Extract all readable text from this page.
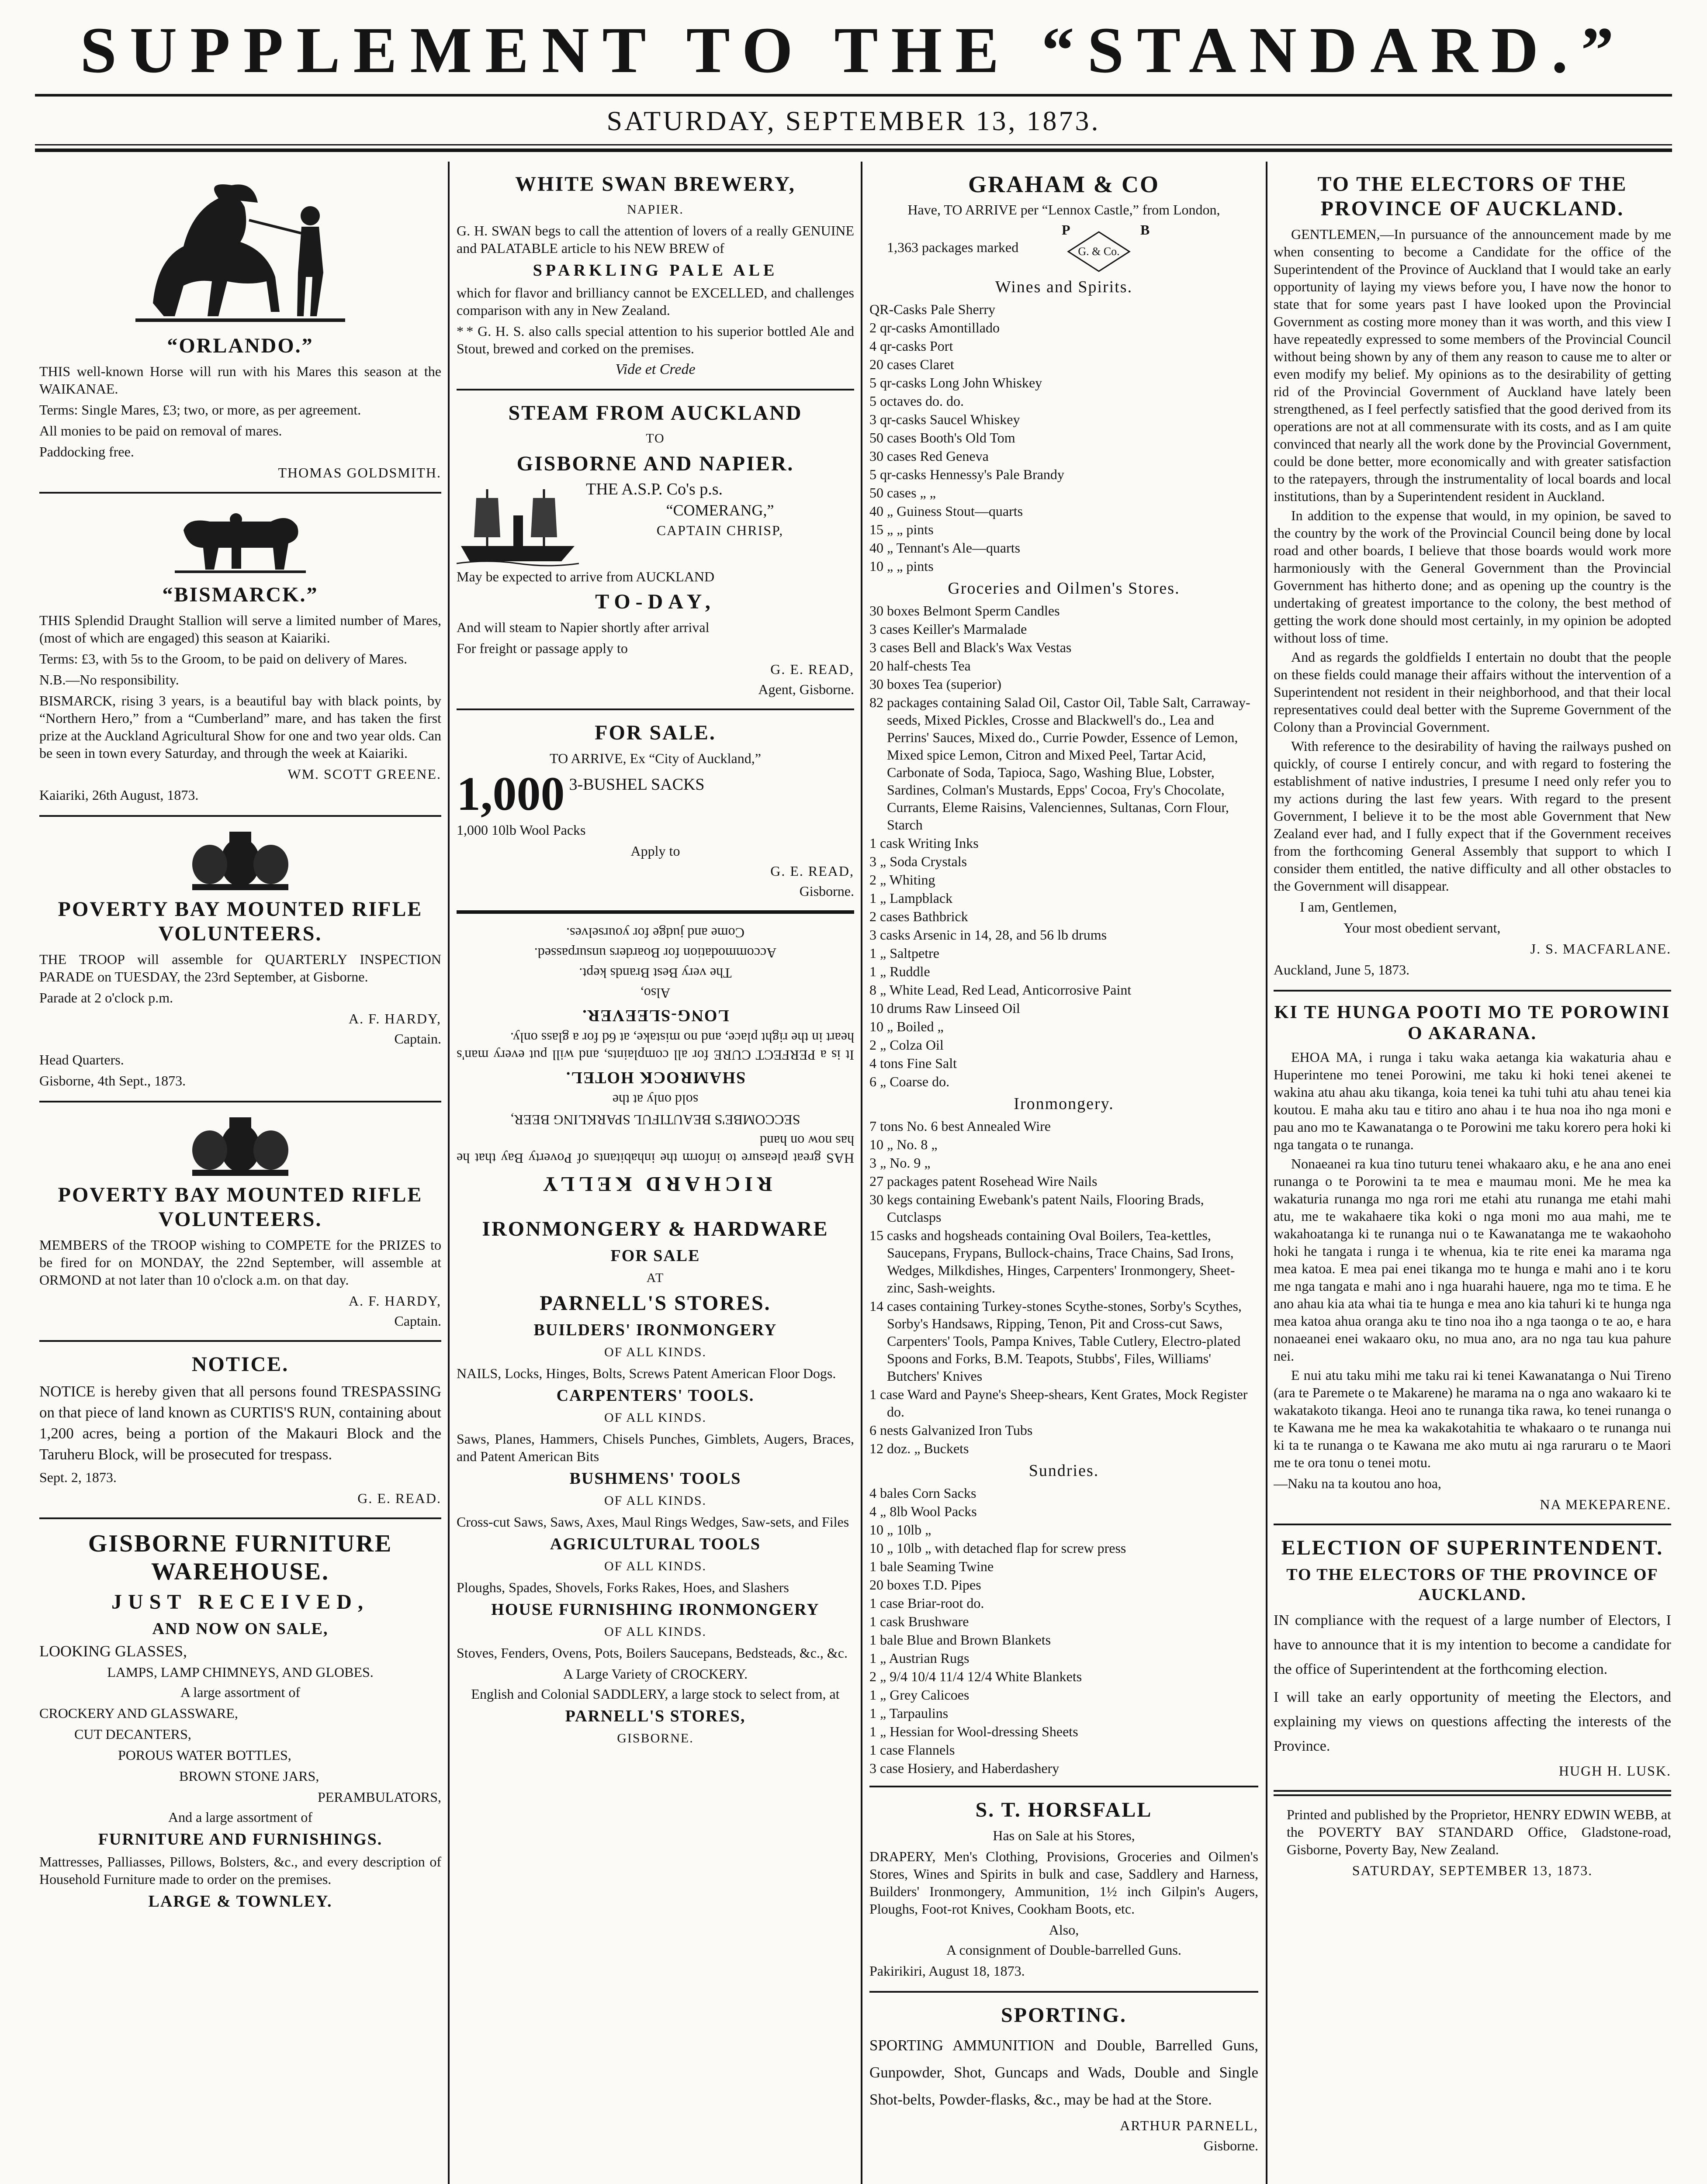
SUPPLEMENT TO THE “STANDARD.”
SATURDAY, SEPTEMBER 13, 1873.
“ORLANDO.”
THIS well-known Horse will run with his Mares this season at the WAIKANAE.
Terms: Single Mares, £3; two, or more, as per agreement.
All monies to be paid on removal of mares.
Paddocking free.
THOMAS GOLDSMITH.
“BISMARCK.”
THIS Splendid Draught Stallion will serve a limited number of Mares, (most of which are engaged) this season at Kaiariki.
Terms: £3, with 5s to the Groom, to be paid on delivery of Mares.
N.B.—No responsibility.
BISMARCK, rising 3 years, is a beautiful bay with black points, by “Northern Hero,” from a “Cumberland” mare, and has taken the first prize at the Auckland Agricultural Show for one and two year olds. Can be seen in town every Saturday, and through the week at Kaiariki.
WM. SCOTT GREENE.
Kaiariki, 26th August, 1873.
POVERTY BAY MOUNTED RIFLE VOLUNTEERS.
THE TROOP will assemble for QUARTERLY INSPECTION PARADE on TUESDAY, the 23rd September, at Gisborne.
Parade at 2 o'clock p.m.
A. F. HARDY,
Captain.
Head Quarters.
Gisborne, 4th Sept., 1873.
POVERTY BAY MOUNTED RIFLE VOLUNTEERS.
MEMBERS of the TROOP wishing to COMPETE for the PRIZES to be fired for on MONDAY, the 22nd September, will assemble at ORMOND at not later than 10 o'clock a.m. on that day.
A. F. HARDY,
Captain.
NOTICE.
NOTICE is hereby given that all persons found TRESPASSING on that piece of land known as CURTIS'S RUN, containing about 1,200 acres, being a portion of the Makauri Block and the Taruheru Block, will be prosecuted for trespass.
Sept. 2, 1873.
G. E. READ.
GISBORNE FURNITURE WAREHOUSE.
JUST RECEIVED,
AND NOW ON SALE,
LOOKING GLASSES,
LAMPS, LAMP CHIMNEYS, AND GLOBES.
A large assortment of
CROCKERY AND GLASSWARE,
CUT DECANTERS,
POROUS WATER BOTTLES,
BROWN STONE JARS,
PERAMBULATORS,
And a large assortment of
FURNITURE AND FURNISHINGS.
Mattresses, Palliasses, Pillows, Bolsters, &c., and every description of Household Furniture made to order on the premises.
LARGE & TOWNLEY.
WHITE SWAN BREWERY,
NAPIER.
G. H. SWAN begs to call the attention of lovers of a really GENUINE and PALATABLE article to his NEW BREW of
SPARKLING PALE ALE
which for flavor and brilliancy cannot be EXCELLED, and challenges comparison with any in New Zealand.
* * G. H. S. also calls special attention to his superior bottled Ale and Stout, brewed and corked on the premises.
Vide et Crede
STEAM FROM AUCKLAND
TO
GISBORNE AND NAPIER.
THE A.S.P. Co's p.s.
“COMERANG,”
CAPTAIN CHRISP,
May be expected to arrive from AUCKLAND
TO-DAY,
And will steam to Napier shortly after arrival
For freight or passage apply to
G. E. READ,
Agent, Gisborne.
FOR SALE.
TO ARRIVE, Ex “City of Auckland,”
1,000 3-BUSHEL SACKS
1,000 10lb Wool Packs
Apply to
G. E. READ,
Gisborne.
RICHARD KELLY
HAS great pleasure to inform the inhabitants of Poverty Bay that he has now on hand
SECCOMBE'S BEAUTIFUL SPARKLING BEER,
sold only at the
SHAMROCK HOTEL.
It is a PERFECT CURE for all complaints, and will put every man's heart in the right place, and no mistake, at 6d for a glass only.
LONG-SLEEVER.
Also,
The very Best Brands kept.
Accommodation for Boarders unsurpassed.
Come and judge for yourselves.
IRONMONGERY & HARDWARE
FOR SALE
AT
PARNELL'S STORES.
BUILDERS' IRONMONGERY
OF ALL KINDS.
NAILS, Locks, Hinges, Bolts, Screws Patent American Floor Dogs.
CARPENTERS' TOOLS.
OF ALL KINDS.
Saws, Planes, Hammers, Chisels Punches, Gimblets, Augers, Braces, and Patent American Bits
BUSHMENS' TOOLS
OF ALL KINDS.
Cross-cut Saws, Saws, Axes, Maul Rings Wedges, Saw-sets, and Files
AGRICULTURAL TOOLS
OF ALL KINDS.
Ploughs, Spades, Shovels, Forks Rakes, Hoes, and Slashers
HOUSE FURNISHING IRONMONGERY
OF ALL KINDS.
Stoves, Fenders, Ovens, Pots, Boilers Saucepans, Bedsteads, &c., &c.
A Large Variety of CROCKERY.
English and Colonial SADDLERY, a large stock to select from, at
PARNELL'S STORES,
GISBORNE.
GRAHAM & CO
Have, TO ARRIVE per “Lennox Castle,” from London,
1,363 packages marked
P
G. & Co.
B
Wines and Spirits.
QR-Casks Pale Sherry
2 qr-casks Amontillado
4 qr-casks Port
20 cases Claret
5 qr-casks Long John Whiskey
5 octaves do. do.
3 qr-casks Saucel Whiskey
50 cases Booth's Old Tom
30 cases Red Geneva
5 qr-casks Hennessy's Pale Brandy
50 cases „ „
40 „ Guiness Stout—quarts
15 „ „ pints
40 „ Tennant's Ale—quarts
10 „ „ pints
Groceries and Oilmen's Stores.
30 boxes Belmont Sperm Candles
3 cases Keiller's Marmalade
3 cases Bell and Black's Wax Vestas
20 half-chests Tea
30 boxes Tea (superior)
82 packages containing Salad Oil, Castor Oil, Table Salt, Carraway-seeds, Mixed Pickles, Crosse and Blackwell's do., Lea and Perrins' Sauces, Mixed do., Currie Powder, Essence of Lemon, Mixed spice Lemon, Citron and Mixed Peel, Tartar Acid, Carbonate of Soda, Tapioca, Sago, Washing Blue, Lobster, Sardines, Colman's Mustards, Epps' Cocoa, Fry's Chocolate, Currants, Eleme Raisins, Valenciennes, Sultanas, Corn Flour, Starch
1 cask Writing Inks
3 „ Soda Crystals
2 „ Whiting
1 „ Lampblack
2 cases Bathbrick
3 casks Arsenic in 14, 28, and 56 lb drums
1 „ Saltpetre
1 „ Ruddle
8 „ White Lead, Red Lead, Anticorrosive Paint
10 drums Raw Linseed Oil
10 „ Boiled „
2 „ Colza Oil
4 tons Fine Salt
6 „ Coarse do.
Ironmongery.
7 tons No. 6 best Annealed Wire
10 „ No. 8 „
3 „ No. 9 „
27 packages patent Rosehead Wire Nails
30 kegs containing Ewebank's patent Nails, Flooring Brads, Cutclasps
15 casks and hogsheads containing Oval Boilers, Tea-kettles, Saucepans, Frypans, Bullock-chains, Trace Chains, Sad Irons, Wedges, Milkdishes, Hinges, Carpenters' Ironmongery, Sheet-zinc, Sash-weights.
14 cases containing Turkey-stones Scythe-stones, Sorby's Scythes, Sorby's Handsaws, Ripping, Tenon, Pit and Cross-cut Saws, Carpenters' Tools, Pampa Knives, Table Cutlery, Electro-plated Spoons and Forks, B.M. Teapots, Stubbs', Files, Williams' Butchers' Knives
1 case Ward and Payne's Sheep-shears, Kent Grates, Mock Register do.
6 nests Galvanized Iron Tubs
12 doz. „ Buckets
Sundries.
4 bales Corn Sacks
4 „ 8lb Wool Packs
10 „ 10lb „
10 „ 10lb „ with detached flap for screw press
1 bale Seaming Twine
20 boxes T.D. Pipes
1 case Briar-root do.
1 cask Brushware
1 bale Blue and Brown Blankets
1 „ Austrian Rugs
2 „ 9/4 10/4 11/4 12/4 White Blankets
1 „ Grey Calicoes
1 „ Tarpaulins
1 „ Hessian for Wool-dressing Sheets
1 case Flannels
3 case Hosiery, and Haberdashery
S. T. HORSFALL
Has on Sale at his Stores,
DRAPERY, Men's Clothing, Provisions, Groceries and Oilmen's Stores, Wines and Spirits in bulk and case, Saddlery and Harness, Builders' Ironmongery, Ammunition, 1½ inch Gilpin's Augers, Ploughs, Foot-rot Knives, Cookham Boots, etc.
Also,
A consignment of Double-barrelled Guns.
Pakirikiri, August 18, 1873.
SPORTING.
SPORTING AMMUNITION and Double, Barrelled Guns, Gunpowder, Shot, Guncaps and Wads, Double and Single Shot-belts, Powder-flasks, &c., may be had at the Store.
ARTHUR PARNELL,
Gisborne.
TO THE ELECTORS OF THE PROVINCE OF AUCKLAND.
GENTLEMEN,—In pursuance of the announcement made by me when consenting to become a Candidate for the office of the Superintendent of the Province of Auckland that I would take an early opportunity of laying my views before you, I have now the honor to state that for some years past I have looked upon the Provincial Government as costing more money than it was worth, and this view I have repeatedly expressed to some members of the Provincial Council without being shown by any of them any reason to cause me to alter or even modify my belief. My opinions as to the desirability of getting rid of the Provincial Government of Auckland have lately been strengthened, as I feel perfectly satisfied that the good derived from its operations are not at all commensurate with its costs, and as I am quite convinced that nearly all the work done by the Provincial Government, could be done better, more economically and with greater satisfaction to the ratepayers, through the instrumentality of local boards and local institutions, than by a Superintendent resident in Auckland.
In addition to the expense that would, in my opinion, be saved to the country by the work of the Provincial Council being done by local road and other boards, I believe that those boards would work more harmoniously with the General Government than the Provincial Government has hitherto done; and as opening up the country is the undertaking of greatest importance to the colony, the best method of getting the work done should most certainly, in my opinion be adopted without loss of time.
And as regards the goldfields I entertain no doubt that the people on these fields could manage their affairs without the intervention of a Superintendent not resident in their neighborhood, and that their local representatives could deal better with the Supreme Government of the Colony than a Provincial Government.
With reference to the desirability of having the railways pushed on quickly, of course I entirely concur, and with regard to fostering the establishment of native industries, I presume I need only refer you to my actions during the last few years. With regard to the present Government, I believe it to be the most able Government that New Zealand ever had, and I fully expect that if the Government receives from the forthcoming General Assembly that support to which I consider them entitled, the native difficulty and all other obstacles to the Government will disappear.
I am, Gentlemen,
Your most obedient servant,
J. S. MACFARLANE.
Auckland, June 5, 1873.
KI TE HUNGA POOTI MO TE POROWINI O AKARANA.
EHOA MA, i runga i taku waka aetanga kia wakaturia ahau e Huperintene mo tenei Porowini, me taku ki hoki tenei akenei te wakina atu ahau aku tikanga, koia tenei ka tuhi tuhi atu ahau tenei kia koutou. E maha aku tau e titiro ano ahau i te hua noa iho nga moni e pau ano mo te Kawanatanga o te Porowini me taku korero pera hoki ki nga tangata o te runanga.
Nonaeanei ra kua tino tuturu tenei whakaaro aku, e he ana ano enei runanga o te Porowini ta te mea e maumau moni. Me he mea ka wakaturia runanga mo nga rori me etahi atu runanga me etahi mahi atu, me te wakahaere tika koki o nga moni mo aua mahi, me te wakahoatanga ki te runanga nui o te Kawanatanga me te wakaohoho hoki he tangata i runga i te whenua, kia te rite enei ka marama nga mea katoa. E mea pai enei tikanga mo te hunga e mahi ano i te koru me nga tangata e mahi ano i nga huarahi hauere, nga mo te tima. E he ano ahau kia ata whai tia te hunga e mea ano kia tahuri ki te hunga nga mea katoa ahua oranga aku te tino noa iho a nga taonga o te ao, e hara nonaeanei enei wakaaro oku, no mua ano, ara no nga tau kua pahure nei.
E nui atu taku mihi me taku rai ki tenei Kawanatanga o Nui Tireno (ara te Paremete o te Makarene) he marama na o nga ano wakaaro ki te wakatakoto tikanga. Heoi ano te runanga tika rawa, ko tenei runanga o te Kawana me he mea ka wakakotahitia te whakaaro o te runanga nui ki ta te runanga o te Kawana me ako mutu ai nga raruraru o te Maori me te ora tonu o tenei motu.
—Naku na ta koutou ano hoa,
NA MEKEPARENE.
ELECTION OF SUPERINTENDENT.
TO THE ELECTORS OF THE PROVINCE OF AUCKLAND.
IN compliance with the request of a large number of Electors, I have to announce that it is my intention to become a candidate for the office of Superintendent at the forthcoming election.
I will take an early opportunity of meeting the Electors, and explaining my views on questions affecting the interests of the Province.
HUGH H. LUSK.
Printed and published by the Proprietor, HENRY EDWIN WEBB, at the POVERTY BAY STANDARD Office, Gladstone-road, Gisborne, Poverty Bay, New Zealand.
SATURDAY, SEPTEMBER 13, 1873.
